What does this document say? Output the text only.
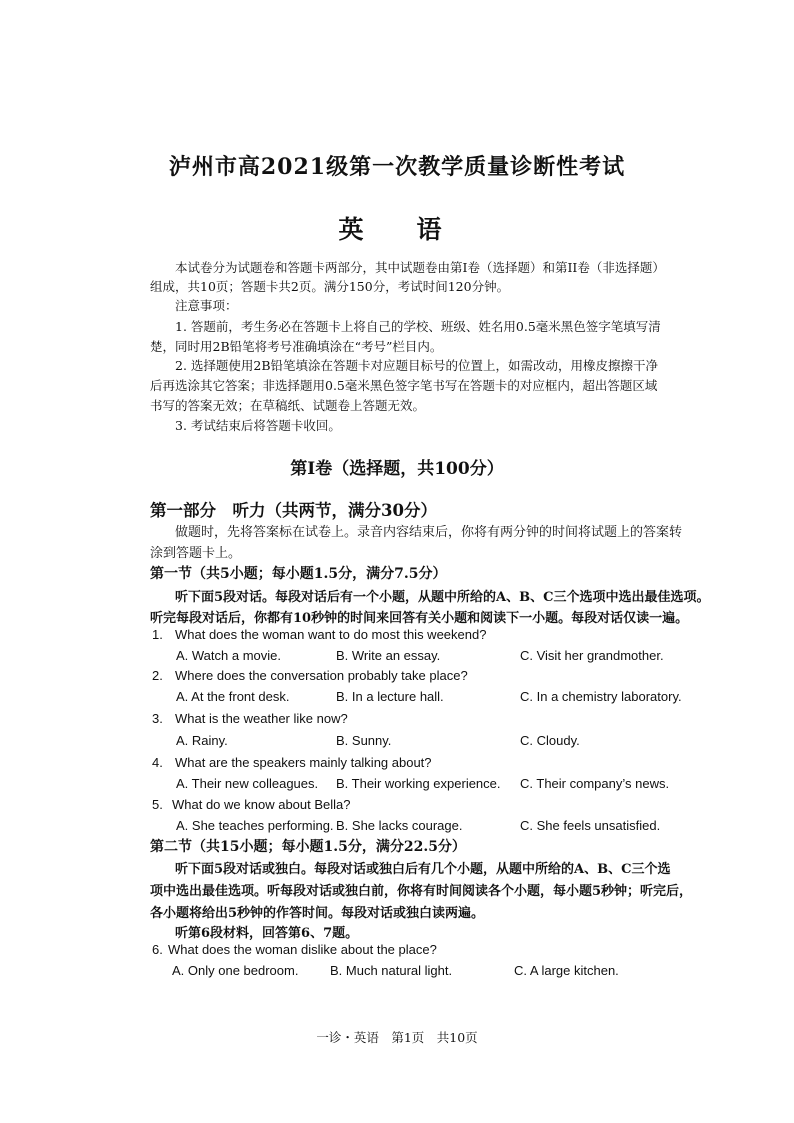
泸州市高2021级第一次教学质量诊断性考试
英　语
本试卷分为试题卷和答题卡两部分，其中试题卷由第I卷（选择题）和第II卷（非选择题）
组成，共10页；答题卡共2页。满分150分，考试时间120分钟。
注意事项：
1. 答题前，考生务必在答题卡上将自己的学校、班级、姓名用0.5毫米黑色签字笔填写清
楚，同时用2B铅笔将考号准确填涂在“考号”栏目内。
2. 选择题使用2B铅笔填涂在答题卡对应题目标号的位置上，如需改动，用橡皮擦擦干净
后再选涂其它答案；非选择题用0.5毫米黑色签字笔书写在答题卡的对应框内，超出答题区域
书写的答案无效；在草稿纸、试题卷上答题无效。
3. 考试结束后将答题卡收回。
第I卷（选择题，共100分）
第一部分　听力（共两节，满分30分）
做题时，先将答案标在试卷上。录音内容结束后，你将有两分钟的时间将试题上的答案转
涂到答题卡上。
第一节（共5小题；每小题1.5分，满分7.5分）
听下面5段对话。每段对话后有一个小题，从题中所给的A、B、C三个选项中选出最佳选项。
听完每段对话后，你都有10秒钟的时间来回答有关小题和阅读下一小题。每段对话仅读一遍。
1. What does the woman want to do most this weekend?
A. Watch a movie.	B. Write an essay.	C. Visit her grandmother.
2. Where does the conversation probably take place?
A. At the front desk.	B. In a lecture hall.	C. In a chemistry laboratory.
3. What is the weather like now?
A. Rainy.	B. Sunny.	C. Cloudy.
4. What are the speakers mainly talking about?
A. Their new colleagues. B. Their working experience. C. Their company’s news.
5. What do we know about Bella?
A. She teaches performing. B. She lacks courage.	C. She feels unsatisfied.
第二节（共15小题；每小题1.5分，满分22.5分）
听下面5段对话或独白。每段对话或独白后有几个小题，从题中所给的A、B、C三个选
项中选出最佳选项。听每段对话或独白前，你将有时间阅读各个小题，每小题5秒钟；听完后，
各小题将给出5秒钟的作答时间。每段对话或独白读两遍。
听第6段材料，回答第6、7题。
6. What does the woman dislike about the place?
A. Only one bedroom. B. Much natural light.	C. A large kitchen.
一诊・英语　第1页　共10页
